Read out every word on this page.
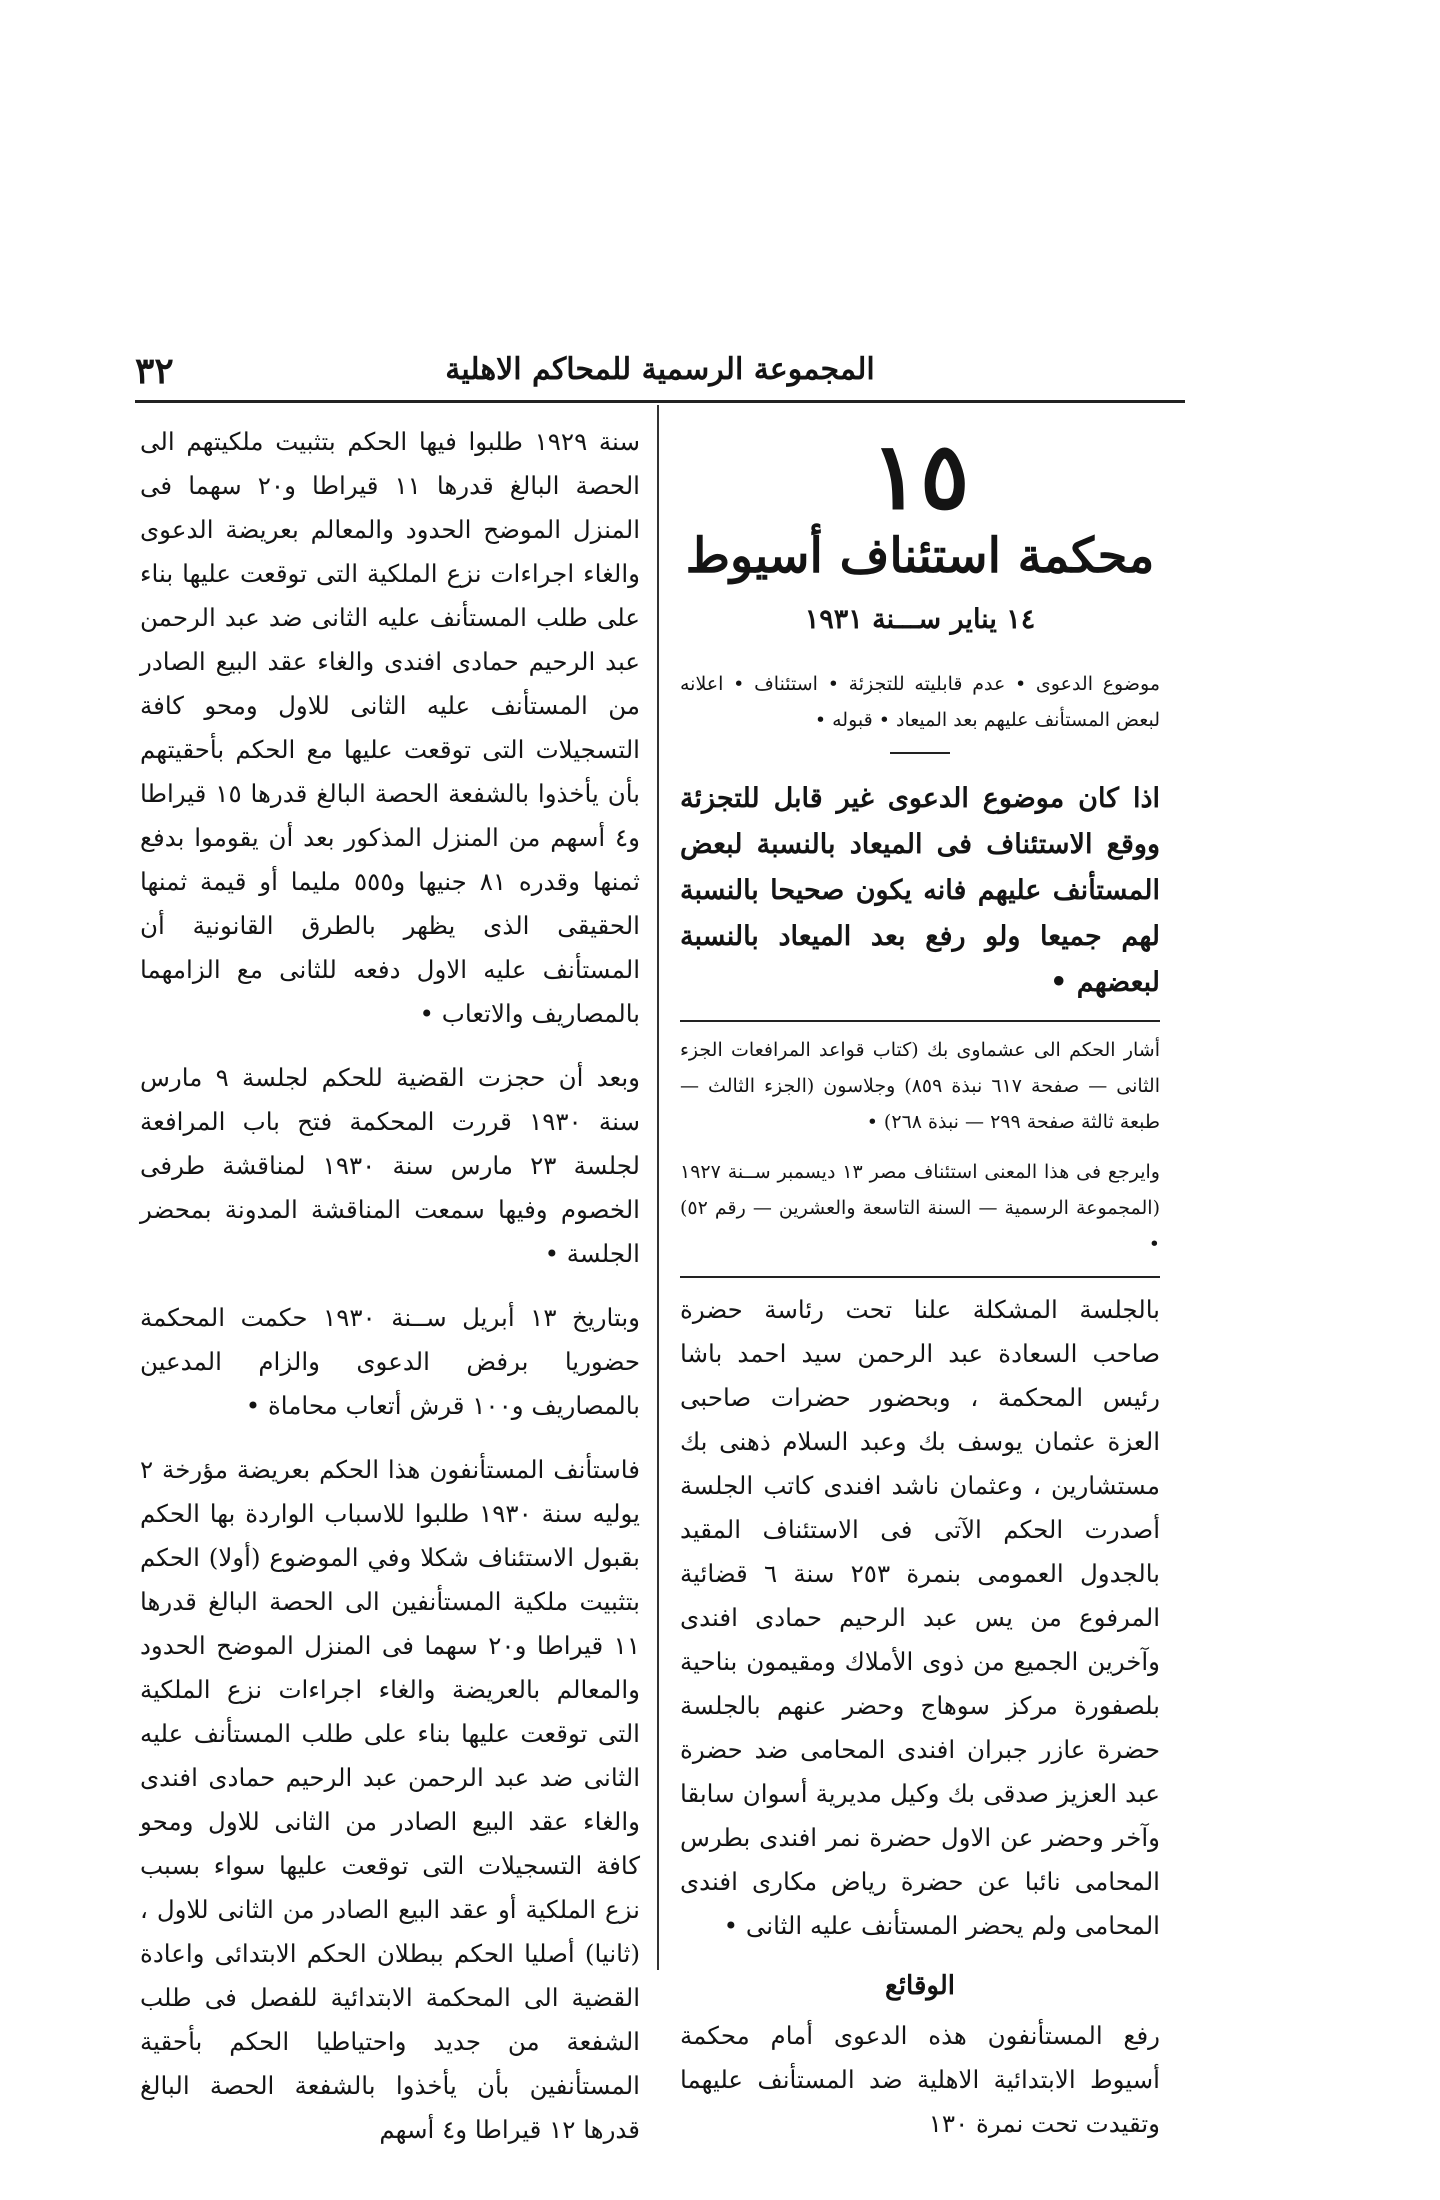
٣٢	المجموعة الرسمية للمحاكم الاهلية
١٥
محكمة استئناف أسيوط
١٤ يناير ســـنة ١٩٣١

موضوع الدعوى • عدم قابليته للتجزئة • استئناف • اعلانه لبعض المستأنف عليهم بعد الميعاد • قبوله •

اذا كان موضوع الدعوى غير قابل للتجزئة ووقع الاستئناف فى الميعاد بالنسبة لبعض المستأنف عليهم فانه يكون صحيحا بالنسبة لهم جميعا ولو رفع بعد الميعاد بالنسبة لبعضهم •

أشار الحكم الى عشماوى بك (كتاب قواعد المرافعات الجزء الثانى — صفحة ٦١٧ نبذة ٨٥٩) وجلاسون (الجزء الثالث — طبعة ثالثة صفحة ٢٩٩ — نبذة ٢٦٨) •

وايرجع فى هذا المعنى استئناف مصر ١٣ ديسمبر ســنة ١٩٢٧ (المجموعة الرسمية — السنة التاسعة والعشرين — رقم ٥٢) •

بالجلسة المشكلة علنا تحت رئاسة حضرة صاحب السعادة عبد الرحمن سيد احمد باشا رئيس المحكمة ، وبحضور حضرات صاحبى العزة عثمان يوسف بك وعبد السلام ذهنى بك مستشارين ، وعثمان ناشد افندى كاتب الجلسة أصدرت الحكم الآتى فى الاستئناف المقيد بالجدول العمومى بنمرة ٢٥٣ سنة ٦ قضائية المرفوع من يس عبد الرحيم حمادى افندى وآخرين الجميع من ذوى الأملاك ومقيمون بناحية بلصفورة مركز سوهاج وحضر عنهم بالجلسة حضرة عازر جبران افندى المحامى ضد حضرة عبد العزيز صدقى بك وكيل مديرية أسوان سابقا وآخر وحضر عن الاول حضرة نمر افندى بطرس المحامى نائبا عن حضرة رياض مكارى افندى المحامى ولم يحضر المستأنف عليه الثانى •

الوقائع

رفع المستأنفون هذه الدعوى أمام محكمة أسيوط الابتدائية الاهلية ضد المستأنف عليهما وتقيدت تحت نمرة ١٣٠

سنة ١٩٢٩ طلبوا فيها الحكم بتثبيت ملكيتهم الى الحصة البالغ قدرها ١١ قيراطا و٢٠ سهما فى المنزل الموضح الحدود والمعالم بعريضة الدعوى والغاء اجراءات نزع الملكية التى توقعت عليها بناء على طلب المستأنف عليه الثانى ضد عبد الرحمن عبد الرحيم حمادى افندى والغاء عقد البيع الصادر من المستأنف عليه الثانى للاول ومحو كافة التسجيلات التى توقعت عليها مع الحكم بأحقيتهم بأن يأخذوا بالشفعة الحصة البالغ قدرها ١٥ قيراطا و٤ أسهم من المنزل المذكور بعد أن يقوموا بدفع ثمنها وقدره ٨١ جنيها و٥٥٥ مليما أو قيمة ثمنها الحقيقى الذى يظهر بالطرق القانونية أن المستأنف عليه الاول دفعه للثانى مع الزامهما بالمصاريف والاتعاب •

وبعد أن حجزت القضية للحكم لجلسة ٩ مارس سنة ١٩٣٠ قررت المحكمة فتح باب المرافعة لجلسة ٢٣ مارس سنة ١٩٣٠ لمناقشة طرفى الخصوم وفيها سمعت المناقشة المدونة بمحضر الجلسة •

وبتاريخ ١٣ أبريل ســنة ١٩٣٠ حكمت المحكمة حضوريا برفض الدعوى والزام المدعين بالمصاريف و١٠٠ قرش أتعاب محاماة •

فاستأنف المستأنفون هذا الحكم بعريضة مؤرخة ٢ يوليه سنة ١٩٣٠ طلبوا للاسباب الواردة بها الحكم بقبول الاستئناف شكلا وفي الموضوع (أولا) الحكم بتثبيت ملكية المستأنفين الى الحصة البالغ قدرها ١١ قيراطا و٢٠ سهما فى المنزل الموضح الحدود والمعالم بالعريضة والغاء اجراءات نزع الملكية التى توقعت عليها بناء على طلب المستأنف عليه الثانى ضد عبد الرحمن عبد الرحيم حمادى افندى والغاء عقد البيع الصادر من الثانى للاول ومحو كافة التسجيلات التى توقعت عليها سواء بسبب نزع الملكية أو عقد البيع الصادر من الثانى للاول ، (ثانيا) أصليا الحكم ببطلان الحكم الابتدائى واعادة القضية الى المحكمة الابتدائية للفصل فى طلب الشفعة من جديد واحتياطيا الحكم بأحقية المستأنفين بأن يأخذوا بالشفعة الحصة البالغ قدرها ١٢ قيراطا و٤ أسهم
